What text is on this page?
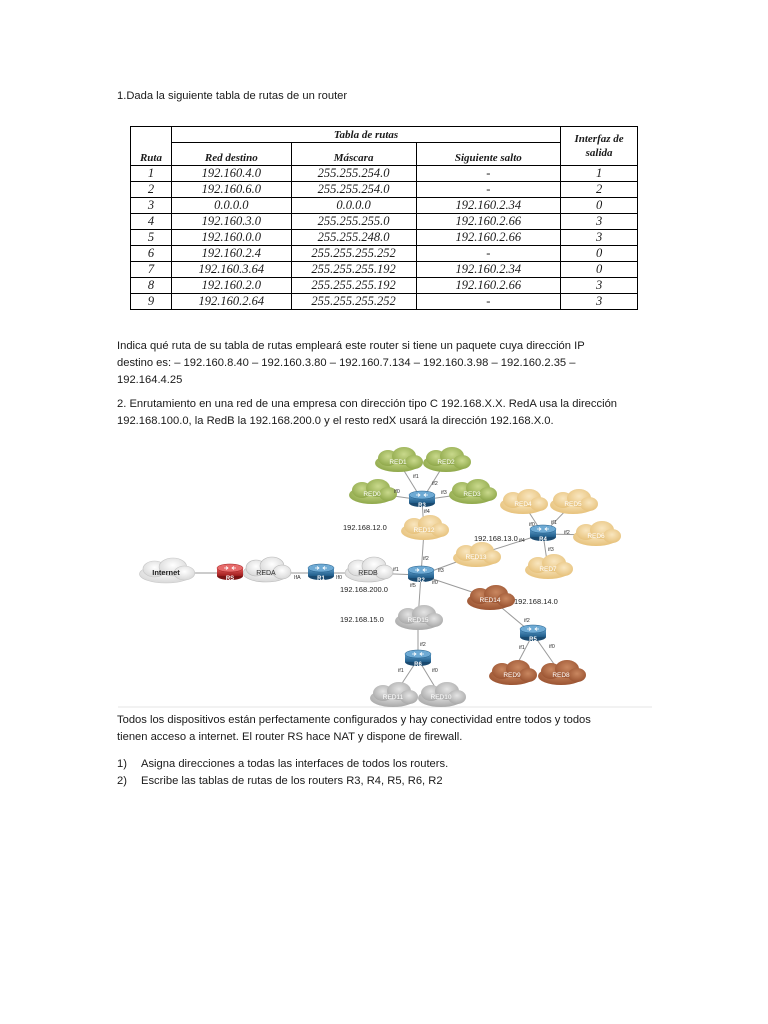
1.Dada la siguiente tabla de rutas de un router

	Tabla de rutas			Interfaz de salida
Ruta	Red destino	Máscara	Siguiente salto	
1	192.160.4.0	255.255.254.0	-	1
2	192.160.6.0	255.255.254.0	-	2
3	0.0.0.0	0.0.0.0	192.160.2.34	0
4	192.160.3.0	255.255.255.0	192.160.2.66	3
5	192.160.0.0	255.255.248.0	192.160.2.66	3
6	192.160.2.4	255.255.255.252	-	0
7	192.160.3.64	255.255.255.192	192.160.2.34	0
8	192.160.2.0	255.255.255.192	192.160.2.66	3
9	192.160.2.64	255.255.255.252	-	3

Indica qué ruta de su tabla de rutas empleará este router si tiene un paquete cuya dirección IP
destino es: – 192.160.8.40 – 192.160.3.80 – 192.160.7.134 – 192.160.3.98 – 192.160.2.35 –
192.164.4.25

2. Enrutamiento en una red de una empresa con dirección tipo C 192.168.X.X. RedA usa la dirección
192.168.100.0, la RedB la 192.168.200.0 y el resto redX usará la dirección 192.168.X.0.

Internet	REDA	REDB
RED1	RED2
RED0	RED3
RED12
RED4	RED5
RED6
RED7
RED13
RED14
RED9	RED8
RED15
RED11	RED10
RS	R1	R2
R3
R4
R5
R6
192.168.12.0
192.168.13.0
192.168.200.0
192.168.14.0
192.168.15.0
if1
if2
if0	if3
if4
if0	if1
if2
if3
if4
IfA	If0
if2
if1	if3
if0
if5
if2
if1	if0
if2
if1	if0

Todos los dispositivos están perfectamente configurados y hay conectividad entre todos y todos
tienen acceso a internet. El router RS hace NAT y dispone de firewall.

1)	Asigna direcciones a todas las interfaces de todos los routers.
2)	Escribe las tablas de rutas de los routers R3, R4, R5, R6, R2
